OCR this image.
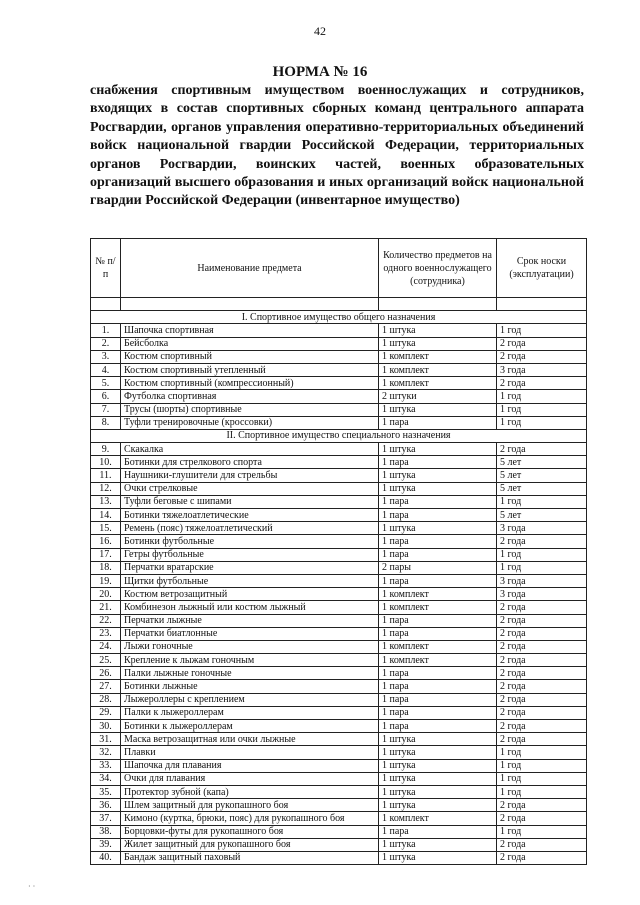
42
НОРМА № 16
снабжения спортивным имуществом военнослужащих и сотрудников, входящих в состав спортивных сборных команд центрального аппарата Росгвардии, органов управления оперативно-территориальных объединений войск национальной гвардии Российской Федерации, территориальных органов Росгвардии, воинских частей, военных образовательных организаций высшего образования и иных организаций войск национальной гвардии Российской Федерации (инвентарное имущество)
№ п/п	Наименование предмета	Количество предметов на одного военнослужащего (сотрудника)	Срок носки (эксплуатации)

I. Спортивное имущество общего назначения			
1.	Шапочка спортивная	1 штука	1 год
2.	Бейсболка	1 штука	2 года
3.	Костюм спортивный	1 комплект	2 года
4.	Костюм спортивный утепленный	1 комплект	3 года
5.	Костюм спортивный (компрессионный)	1 комплект	2 года
6.	Футболка спортивная	2 штуки	1 год
7.	Трусы (шорты) спортивные	1 штука	1 год
8.	Туфли тренировочные (кроссовки)	1 пара	1 год
II. Спортивное имущество специального назначения			
9.	Скакалка	1 штука	2 года
10.	Ботинки для стрелкового спорта	1 пара	5 лет
11.	Наушники-глушители для стрельбы	1 штука	5 лет
12.	Очки стрелковые	1 штука	5 лет
13.	Туфли беговые с шипами	1 пара	1 год
14.	Ботинки тяжелоатлетические	1 пара	5 лет
15.	Ремень (пояс) тяжелоатлетический	1 штука	3 года
16.	Ботинки футбольные	1 пара	2 года
17.	Гетры футбольные	1 пара	1 год
18.	Перчатки вратарские	2 пары	1 год
19.	Щитки футбольные	1 пара	3 года
20.	Костюм ветрозащитный	1 комплект	3 года
21.	Комбинезон лыжный или костюм лыжный	1 комплект	2 года
22.	Перчатки лыжные	1 пара	2 года
23.	Перчатки биатлонные	1 пара	2 года
24.	Лыжи гоночные	1 комплект	2 года
25.	Крепление к лыжам гоночным	1 комплект	2 года
26.	Палки лыжные гоночные	1 пара	2 года
27.	Ботинки лыжные	1 пара	2 года
28.	Лыжероллеры с креплением	1 пара	2 года
29.	Палки к лыжероллерам	1 пара	2 года
30.	Ботинки к лыжероллерам	1 пара	2 года
31.	Маска ветрозащитная или очки лыжные	1 штука	2 года
32.	Плавки	1 штука	1 год
33.	Шапочка для плавания	1 штука	1 год
34.	Очки для плавания	1 штука	1 год
35.	Протектор зубной (капа)	1 штука	1 год
36.	Шлем защитный для рукопашного боя	1 штука	2 года
37.	Кимоно (куртка, брюки, пояс) для рукопашного боя	1 комплект	2 года
38.	Борцовки-футы для рукопашного боя	1 пара	1 год
39.	Жилет защитный для рукопашного боя	1 штука	2 года
40.	Бандаж защитный паховый	1 штука	2 года
· ·
